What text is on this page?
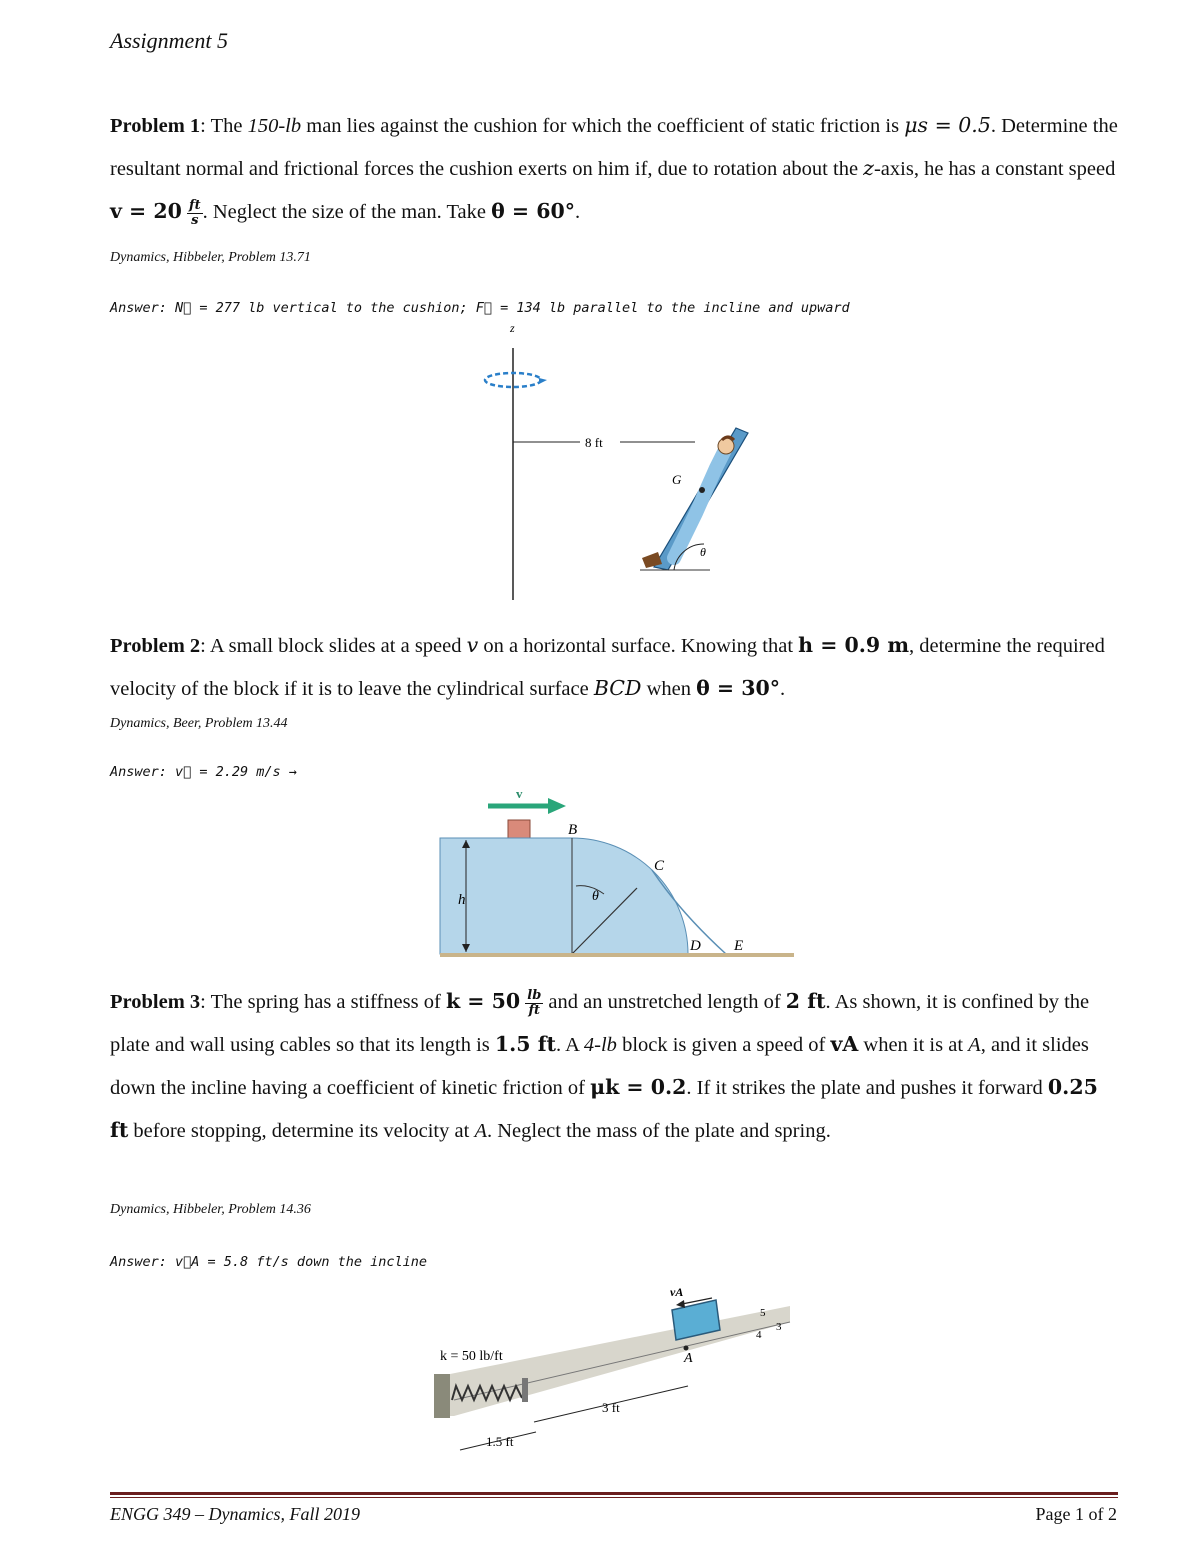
Assignment 5
Problem 1: The 150-lb man lies against the cushion for which the coefficient of static friction is μs = 0.5. Determine the resultant normal and frictional forces the cushion exerts on him if, due to rotation about the z-axis, he has a constant speed $v = 20 \frac{ft}{s}$ . Neglect the size of the man. Take θ = 60°.
Dynamics, Hibbeler, Problem 13.71
Answer: N⃗ = 277 lb vertical to the cushion; F⃗ = 134 lb parallel to the incline and upward
z
8 ft
G
θ
Problem 2: A small block slides at a speed v on a horizontal surface. Knowing that h = 0.9 m, determine the required velocity of the block if it is to leave the cylindrical surface BCD when θ = 30°.
Dynamics, Beer, Problem 13.44
Answer: v⃗ = 2.29 m/s →
v
B
C
θ
h
D E
Problem 3: The spring has a stiffness of $k = 50 \frac{lb}{ft}$ and an unstretched length of 2 ft. As shown, it is confined by the plate and wall using cables so that its length is 1.5 ft. A 4-lb block is given a speed of vA when it is at A, and it slides down the incline having a coefficient of kinetic friction of μk = 0.2. If it strikes the plate and pushes it forward 0.25 ft before stopping, determine its velocity at A. Neglect the mass of the plate and spring.
Dynamics, Hibbeler, Problem 14.36
Answer: v⃗A = 5.8 ft/s down the incline
k = 50 lb/ft
vA
A
5
4
3
3 ft
1.5 ft
ENGG 349 – Dynamics, Fall 2019	Page 1 of 2
